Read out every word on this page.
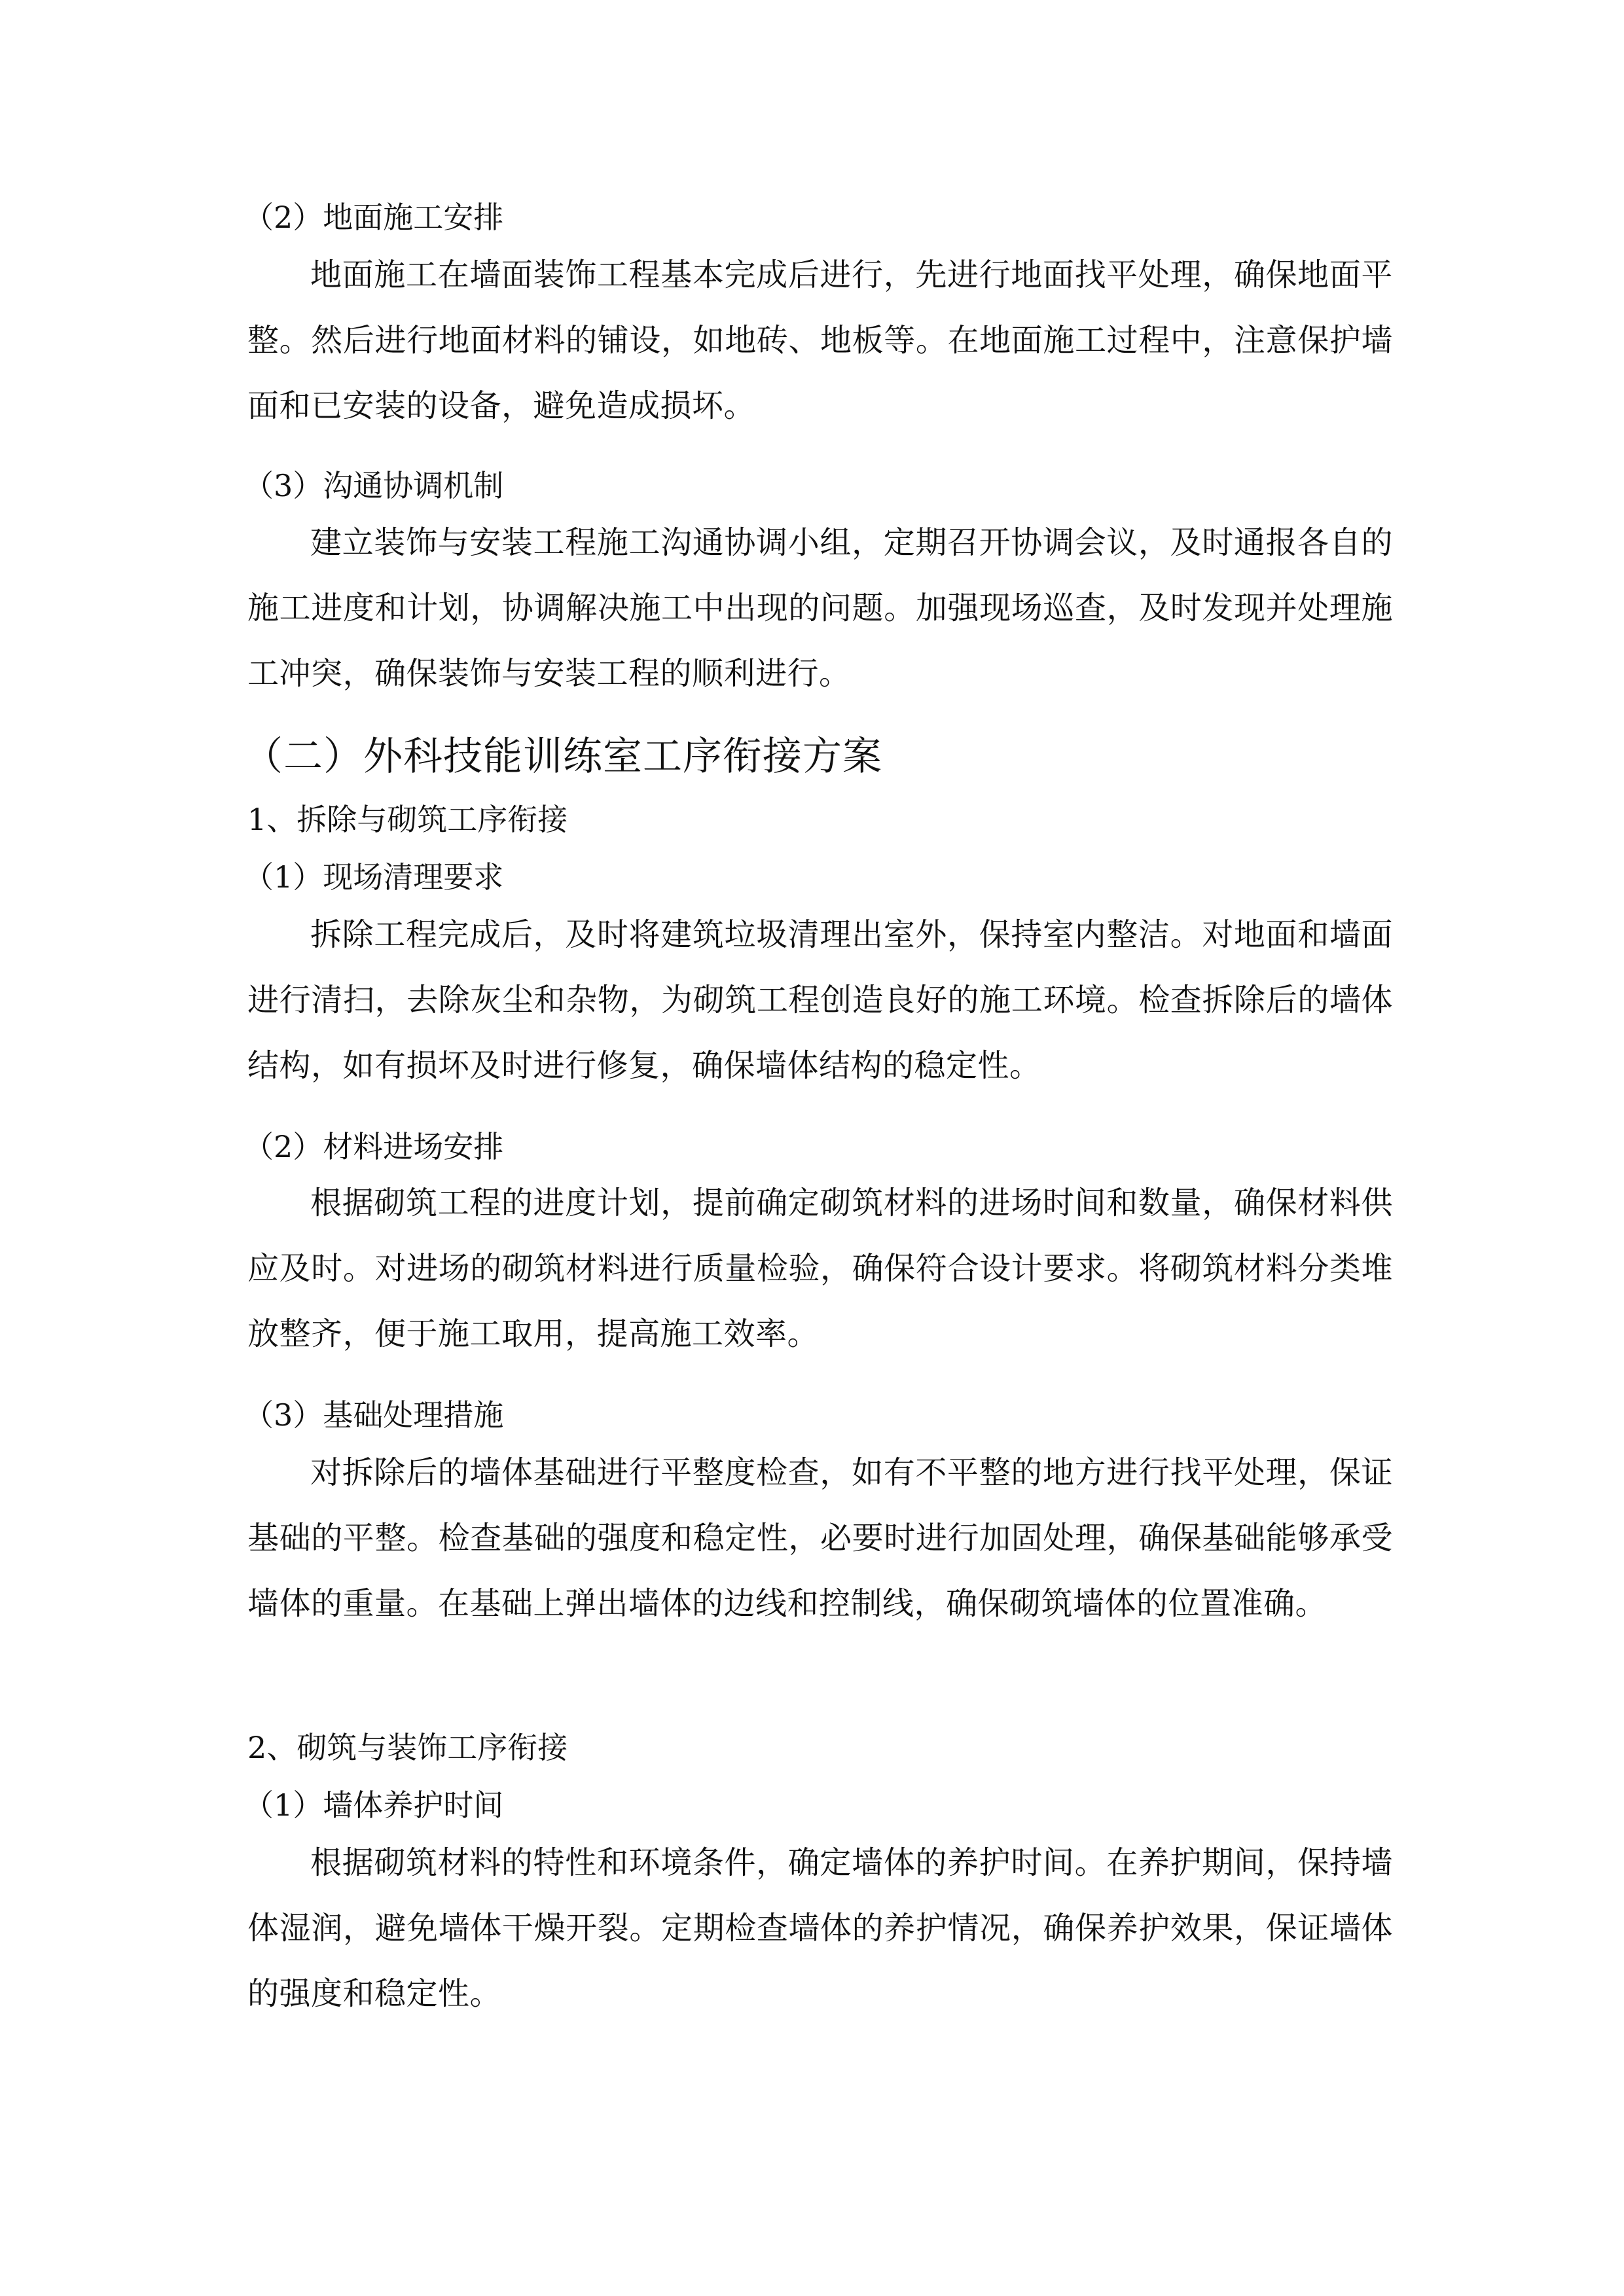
（2）地面施工安排

地面施工在墙面装饰工程基本完成后进行，先进行地面找平处理，确保地面平整。然后进行地面材料的铺设，如地砖、地板等。在地面施工过程中，注意保护墙面和已安装的设备，避免造成损坏。

（3）沟通协调机制

建立装饰与安装工程施工沟通协调小组，定期召开协调会议，及时通报各自的施工进度和计划，协调解决施工中出现的问题。加强现场巡查，及时发现并处理施工冲突，确保装饰与安装工程的顺利进行。

（二）外科技能训练室工序衔接方案

1、拆除与砌筑工序衔接

（1）现场清理要求

拆除工程完成后，及时将建筑垃圾清理出室外，保持室内整洁。对地面和墙面进行清扫，去除灰尘和杂物，为砌筑工程创造良好的施工环境。检查拆除后的墙体结构，如有损坏及时进行修复，确保墙体结构的稳定性。

（2）材料进场安排

根据砌筑工程的进度计划，提前确定砌筑材料的进场时间和数量，确保材料供应及时。对进场的砌筑材料进行质量检验，确保符合设计要求。将砌筑材料分类堆放整齐，便于施工取用，提高施工效率。

（3）基础处理措施

对拆除后的墙体基础进行平整度检查，如有不平整的地方进行找平处理，保证基础的平整。检查基础的强度和稳定性，必要时进行加固处理，确保基础能够承受墙体的重量。在基础上弹出墙体的边线和控制线，确保砌筑墙体的位置准确。

2、砌筑与装饰工序衔接

（1）墙体养护时间

根据砌筑材料的特性和环境条件，确定墙体的养护时间。在养护期间，保持墙体湿润，避免墙体干燥开裂。定期检查墙体的养护情况，确保养护效果，保证墙体的强度和稳定性。
